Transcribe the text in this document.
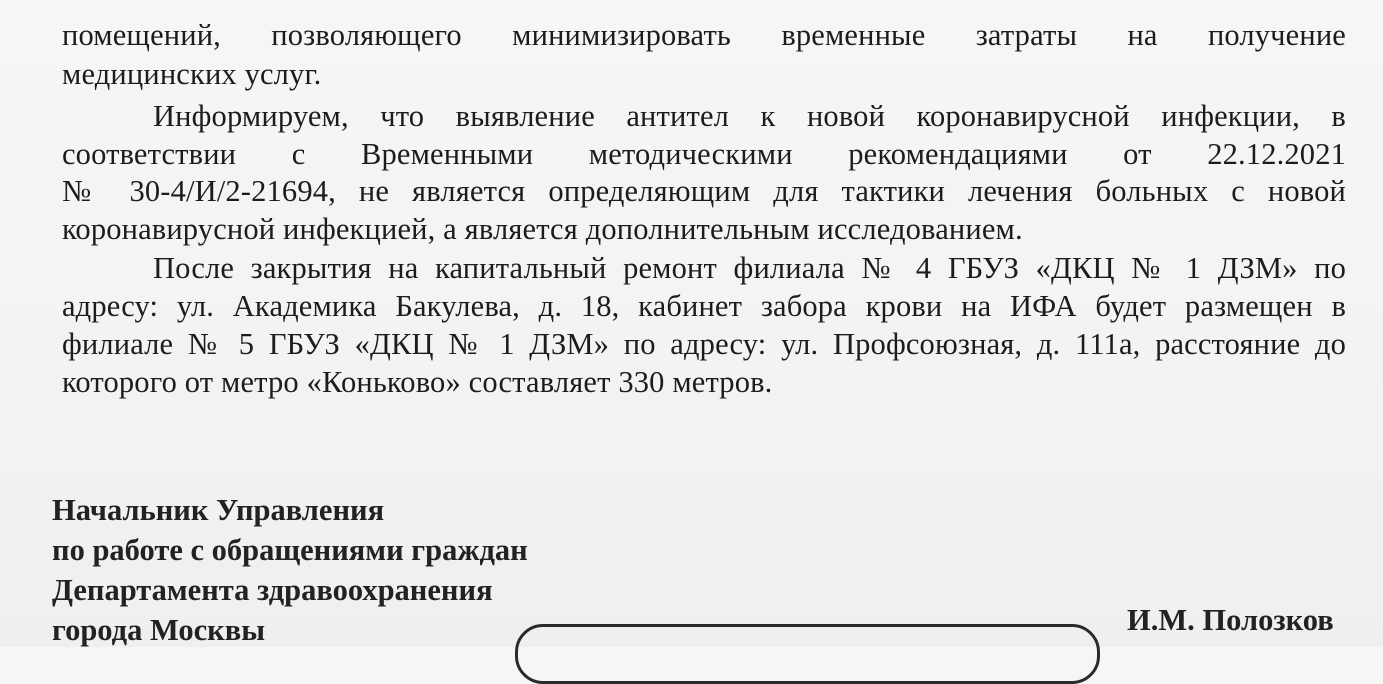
помещений, позволяющего минимизировать временные затраты на получение
медицинских услуг.
Информируем, что выявление антител к новой коронавирусной инфекции, в
соответствии с Временными методическими рекомендациями от 22.12.2021
№ 30-4/И/2-21694, не является определяющим для тактики лечения больных с новой
коронавирусной инфекцией, а является дополнительным исследованием.
После закрытия на капитальный ремонт филиала № 4 ГБУЗ «ДКЦ № 1 ДЗМ» по
адресу: ул. Академика Бакулева, д. 18, кабинет забора крови на ИФА будет размещен в
филиале № 5 ГБУЗ «ДКЦ № 1 ДЗМ» по адресу: ул. Профсоюзная, д. 111а, расстояние до
которого от метро «Коньково» составляет 330 метров.
Начальник Управления
по работе с обращениями граждан
Департамента здравоохранения
города Москвы	И.М. Полозков
